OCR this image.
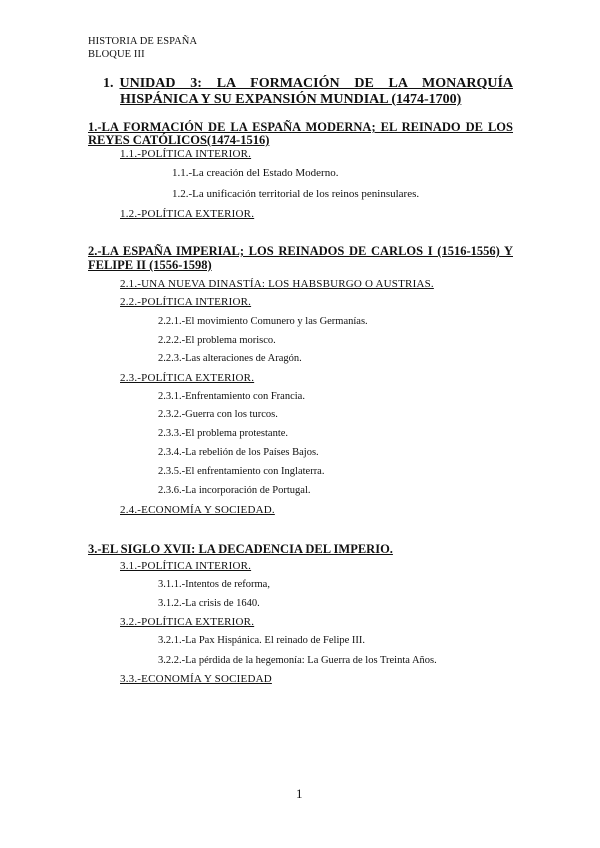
HISTORIA DE ESPAÑA
BLOQUE III
1. UNIDAD 3: LA FORMACIÓN DE LA MONARQUÍA
HISPÁNICA Y SU EXPANSIÓN MUNDIAL (1474-1700)
1.-LA FORMACIÓN DE LA ESPAÑA MODERNA; EL REINADO DE LOS
REYES CATÓLICOS(1474-1516)
1.1.-POLÍTICA INTERIOR.
1.1.-La creación del Estado Moderno.
1.2.-La unificación territorial de los reinos peninsulares.
1.2.-POLÍTICA EXTERIOR.
2.-LA ESPAÑA IMPERIAL; LOS REINADOS DE CARLOS I (1516-1556) Y
FELIPE II (1556-1598)
2.1.-UNA NUEVA DINASTÍA: LOS HABSBURGO O AUSTRIAS.
2.2.-POLÍTICA INTERIOR.
2.2.1.-El movimiento Comunero y las Germanías.
2.2.2.-El problema morisco.
2.2.3.-Las alteraciones de Aragón.
2.3.-POLÍTICA EXTERIOR.
2.3.1.-Enfrentamiento con Francia.
2.3.2.-Guerra con los turcos.
2.3.3.-El problema protestante.
2.3.4.-La rebelión de los Países Bajos.
2.3.5.-El enfrentamiento con Inglaterra.
2.3.6.-La incorporación de Portugal.
2.4.-ECONOMÍA Y SOCIEDAD.
3.-EL SIGLO XVII: LA DECADENCIA DEL IMPERIO.
3.1.-POLÍTICA INTERIOR.
3.1.1.-Intentos de reforma,
3.1.2.-La crisis de 1640.
3.2.-POLÍTICA EXTERIOR.
3.2.1.-La Pax Hispánica. El reinado de Felipe III.
3.2.2.-La pérdida de la hegemonía: La Guerra de los Treinta Años.
3.3.-ECONOMÍA Y SOCIEDAD
1
